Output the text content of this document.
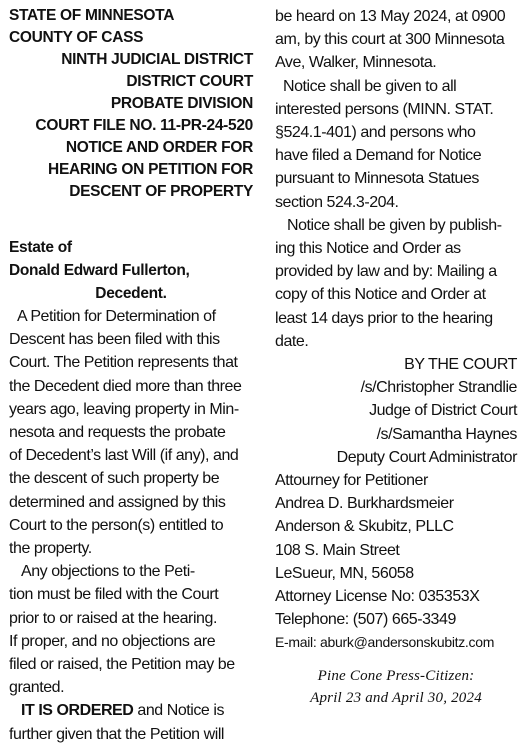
STATE OF MINNESOTA
COUNTY OF CASS
NINTH JUDICIAL DISTRICT
DISTRICT COURT
PROBATE DIVISION
COURT FILE NO. 11-PR-24-520
NOTICE AND ORDER FOR
HEARING ON PETITION FOR
DESCENT OF PROPERTY
Estate of
Donald Edward Fullerton,
Decedent.
A Petition for Determination of
Descent has been filed with this
Court. The Petition represents that
the Decedent died more than three
years ago, leaving property in Min-
nesota and requests the probate
of Decedent’s last Will (if any), and
the descent of such property be
determined and assigned by this
Court to the person(s) entitled to
the property.
Any objections to the Peti-
tion must be filed with the Court
prior to or raised at the hearing.
If proper, and no objections are
filed or raised, the Petition may be
granted.
IT IS ORDERED and Notice is
further given that the Petition will
be heard on 13 May 2024, at 0900
am, by this court at 300 Minnesota
Ave, Walker, Minnesota.
Notice shall be given to all
interested persons (MINN. STAT.
§524.1-401) and persons who
have filed a Demand for Notice
pursuant to Minnesota Statues
section 524.3-204.
Notice shall be given by publish-
ing this Notice and Order as
provided by law and by: Mailing a
copy of this Notice and Order at
least 14 days prior to the hearing
date.
BY THE COURT
/s/Christopher Strandlie
Judge of District Court
/s/Samantha Haynes
Deputy Court Administrator
Attourney for Petitioner
Andrea D. Burkhardsmeier
Anderson & Skubitz, PLLC
108 S. Main Street
LeSueur, MN, 56058
Attorney License No: 035353X
Telephone: (507) 665-3349
E-mail: aburk@andersonskubitz.com
Pine Cone Press-Citizen:
April 23 and April 30, 2024
